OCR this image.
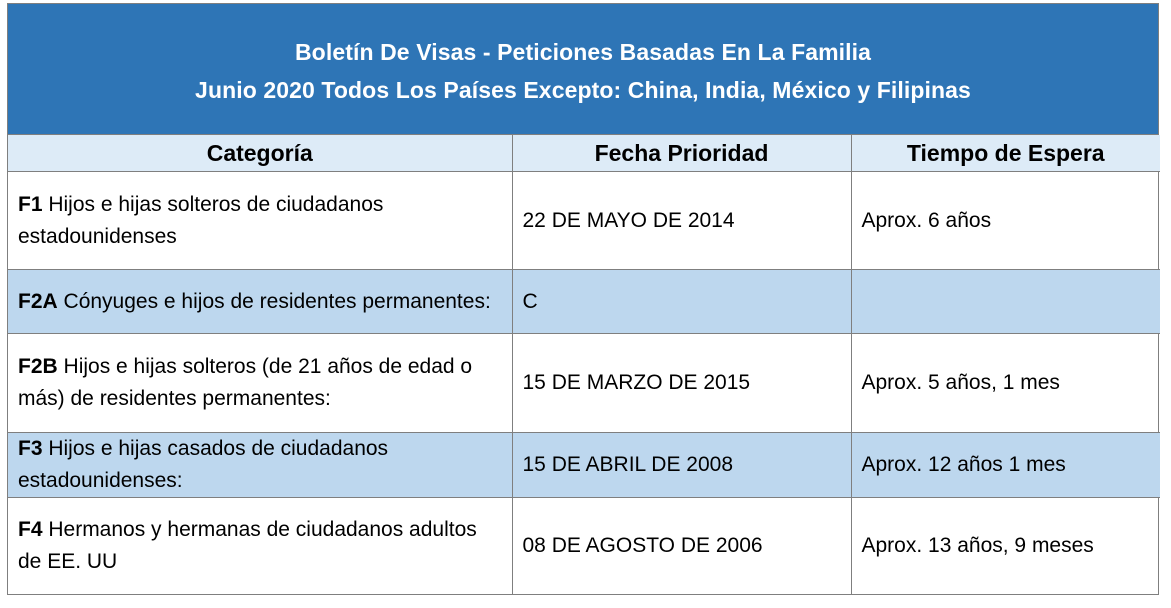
Boletín De Visas - Peticiones Basadas En La Familia
Junio 2020 Todos Los Países Excepto: China, India, México y Filipinas
Categoría	Fecha Prioridad	Tiempo de Espera
F1 Hijos e hijas solteros de ciudadanos estadounidenses	22 DE MAYO DE 2014	Aprox. 6 años
F2A Cónyuges e hijos de residentes permanentes:	C	
F2B Hijos e hijas solteros (de 21 años de edad o más) de residentes permanentes:	15 DE MARZO DE 2015	Aprox. 5 años, 1 mes
F3 Hijos e hijas casados de ciudadanos estadounidenses:	15 DE ABRIL DE 2008	Aprox. 12 años 1 mes
F4 Hermanos y hermanas de ciudadanos adultos de EE. UU	08 DE AGOSTO DE 2006	Aprox. 13 años, 9 meses
